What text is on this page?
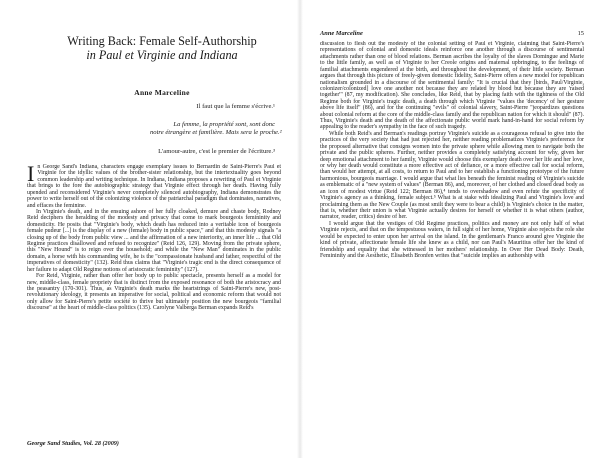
Writing Back: Female Self-Authorship
in Paul et Virginie and Indiana
Anne Marceline
Il faut que la femme s'écrive.¹
La femme, la propriété sont, sont donc
notre étrangère et familière. Mais sera le proche.²
L'amour-autre, c'est le premier de l'écriture.³

In George Sand's Indiana, characters engage exemplary issues to Bernardin de Saint-Pierre's Paul et Virginie for the idyllic values of the brother-sister relationship, but the intertextuality goes beyond common leadership and writing technique. In Indiana, Indiana proposes a rewriting of Paul et Virginie that brings to the fore the autobiographic strategy that Virginie effect through her death. Having fully upended and reconsidered Virginie's never completely silenced autobiography, Indiana demonstrates the power to write herself out of the colonizing violence of the patriarchal paradigm that dominates, narratives, and effaces the feminine.

In Virginie's death, and in the ensuing ashore of her fully cloaked, demure and chaste body, Rodney Reid deciphers the heralding of the modesty and privacy that come to mark bourgeois femininity and domesticity. He posits that "Virginie's body, which death has reduced into a veritable icon of bourgeois female pudeur [...] is the display of a new (female) body in public space," and that this modesty signals "a closing up of the body from public view ... and the affirmation of a new interiority, an inner life ... that Old Regime practices disallowed and refused to recognize" (Reid 126, 129). Moving from the private sphere, this "New Hound" is to reign over the household; and while the "New Man" dominates in the public domain, a horse with his commanding wife, he is the "compassionate husband and father, respectful of the imperatives of domesticity" (132). Reid thus claims that "Virginie's tragic end is the direct consequence of her failure to adapt Old Regime notions of aristocratic femininity" (127).

For Reid, Virginie, rather than offer her body up to public spectacle, presents herself as a model for new, middle-class, female propriety that is distinct from the exposed resonance of both the aristocracy and the peasantry (170-301). Thus, as Virginie's death marks the heartstrings of Saint-Pierre's new, post-revolutionary ideology, it presents an imperative for social, political and economic reform that would not only allow for Saint-Pierre's petite société to thrive but ultimately position the new bourgeois "familial discourse" at the heart of middle-class politics (135). Carolyne Valberga Berman expands Reid's

George Sand Studies, Vol. 28 (2009)
Anne Marceline	15

discussion to flesh out the modesty of the colonial setting of Paul et Virginie, claiming that Saint-Pierre's representations of colonial and domestic ideals reinforce one another through a discourse of sentimental attachments rather than one of blood relations. Berman ascribes the loyalty of the slaves Domingue and Marie to the little family, as well as of Virginie to her Creole origins and maternal upbringing, to the feelings of familial attachments engendered at the birth, and throughout the development, of their little society. Berman argues that through this picture of freely-given domestic fidelity, Saint-Pierre offers a new model for republican nationalism grounded in a discourse of the sentimental family: "It is crucial that they [birds, Paul/Virginie, colonizer/colonized] love one another not because they are related by blood but because they are 'raised together'" (87, my modification). She concludes, like Reid, that by placing faith with the tightness of the Old Regime both for Virginie's tragic death, a death through which Virginie "values the 'decency' of her gesture above life itself" (86), and for the continuing "evils" of colonial slavery, Saint-Pierre "jeopardizes questions about colonial reform at the core of the middle-class family and the republican nation for which it should" (87). Thus, Virginie's death and the death of the affectionate public world mark hand-in-hand for social reform by appealing to the reader's sympathy in the face of such tragedy.

While both Reid's and Berman's readings portray Virginie's suicide as a courageous refusal to give into the practices of the very society that had just rejected her, neither reading problematizes Virginie's preference for the proposed alternative that consigns women into the private sphere while allowing men to navigate both the private and the public spheres. Further, neither provides a completely satisfying account for why, given her deep emotional attachment to her family, Virginie would choose this exemplary death over her life and her love, or why her death would constitute a more effective act of defiance, or a more effective call for social reform, than would her attempt, at all costs, to return to Paul and to her establish a functioning prototype of the future harmonious, bourgeois marriage. I would argue that what lies beneath the feminist reading of Virginie's suicide as emblematic of a "new system of values" (Berman 86), and, moreover, of her clothed and closed dead body as an icon of modest virtue (Reid 122; Berman 86),⁴ tends to overshadow and even refute the specificity of Virginie's agency as a thinking, female subject.⁵ What is at stake with idealizing Paul and Virginie's love and proclaiming them as the New Couple (as most smilt they were to bear a child) is Virginie's choice in the matter, that is, whether their union is what Virginie actually desires for herself or whether it is what others (author, narrator, reader, critics) desire of her.

I would argue that the vestiges of Old Regime practices, politics and money are not only half of what Virginie rejects, and that on the tempestuous waters, in full sight of her home, Virginie also rejects the role she would be expected to enter upon her arrival on the island. In the gentleman's Franco around give Virginie the kind of private, affectionate female life she knew as a child, nor can Paul's Mauritius offer her the kind of friendship and equality that she witnessed in her mothers' relationship. In Over Her Dead Body: Death, Femininity and the Aesthetic, Elisabeth Bronfen writes that "suicide implies an authorship with
